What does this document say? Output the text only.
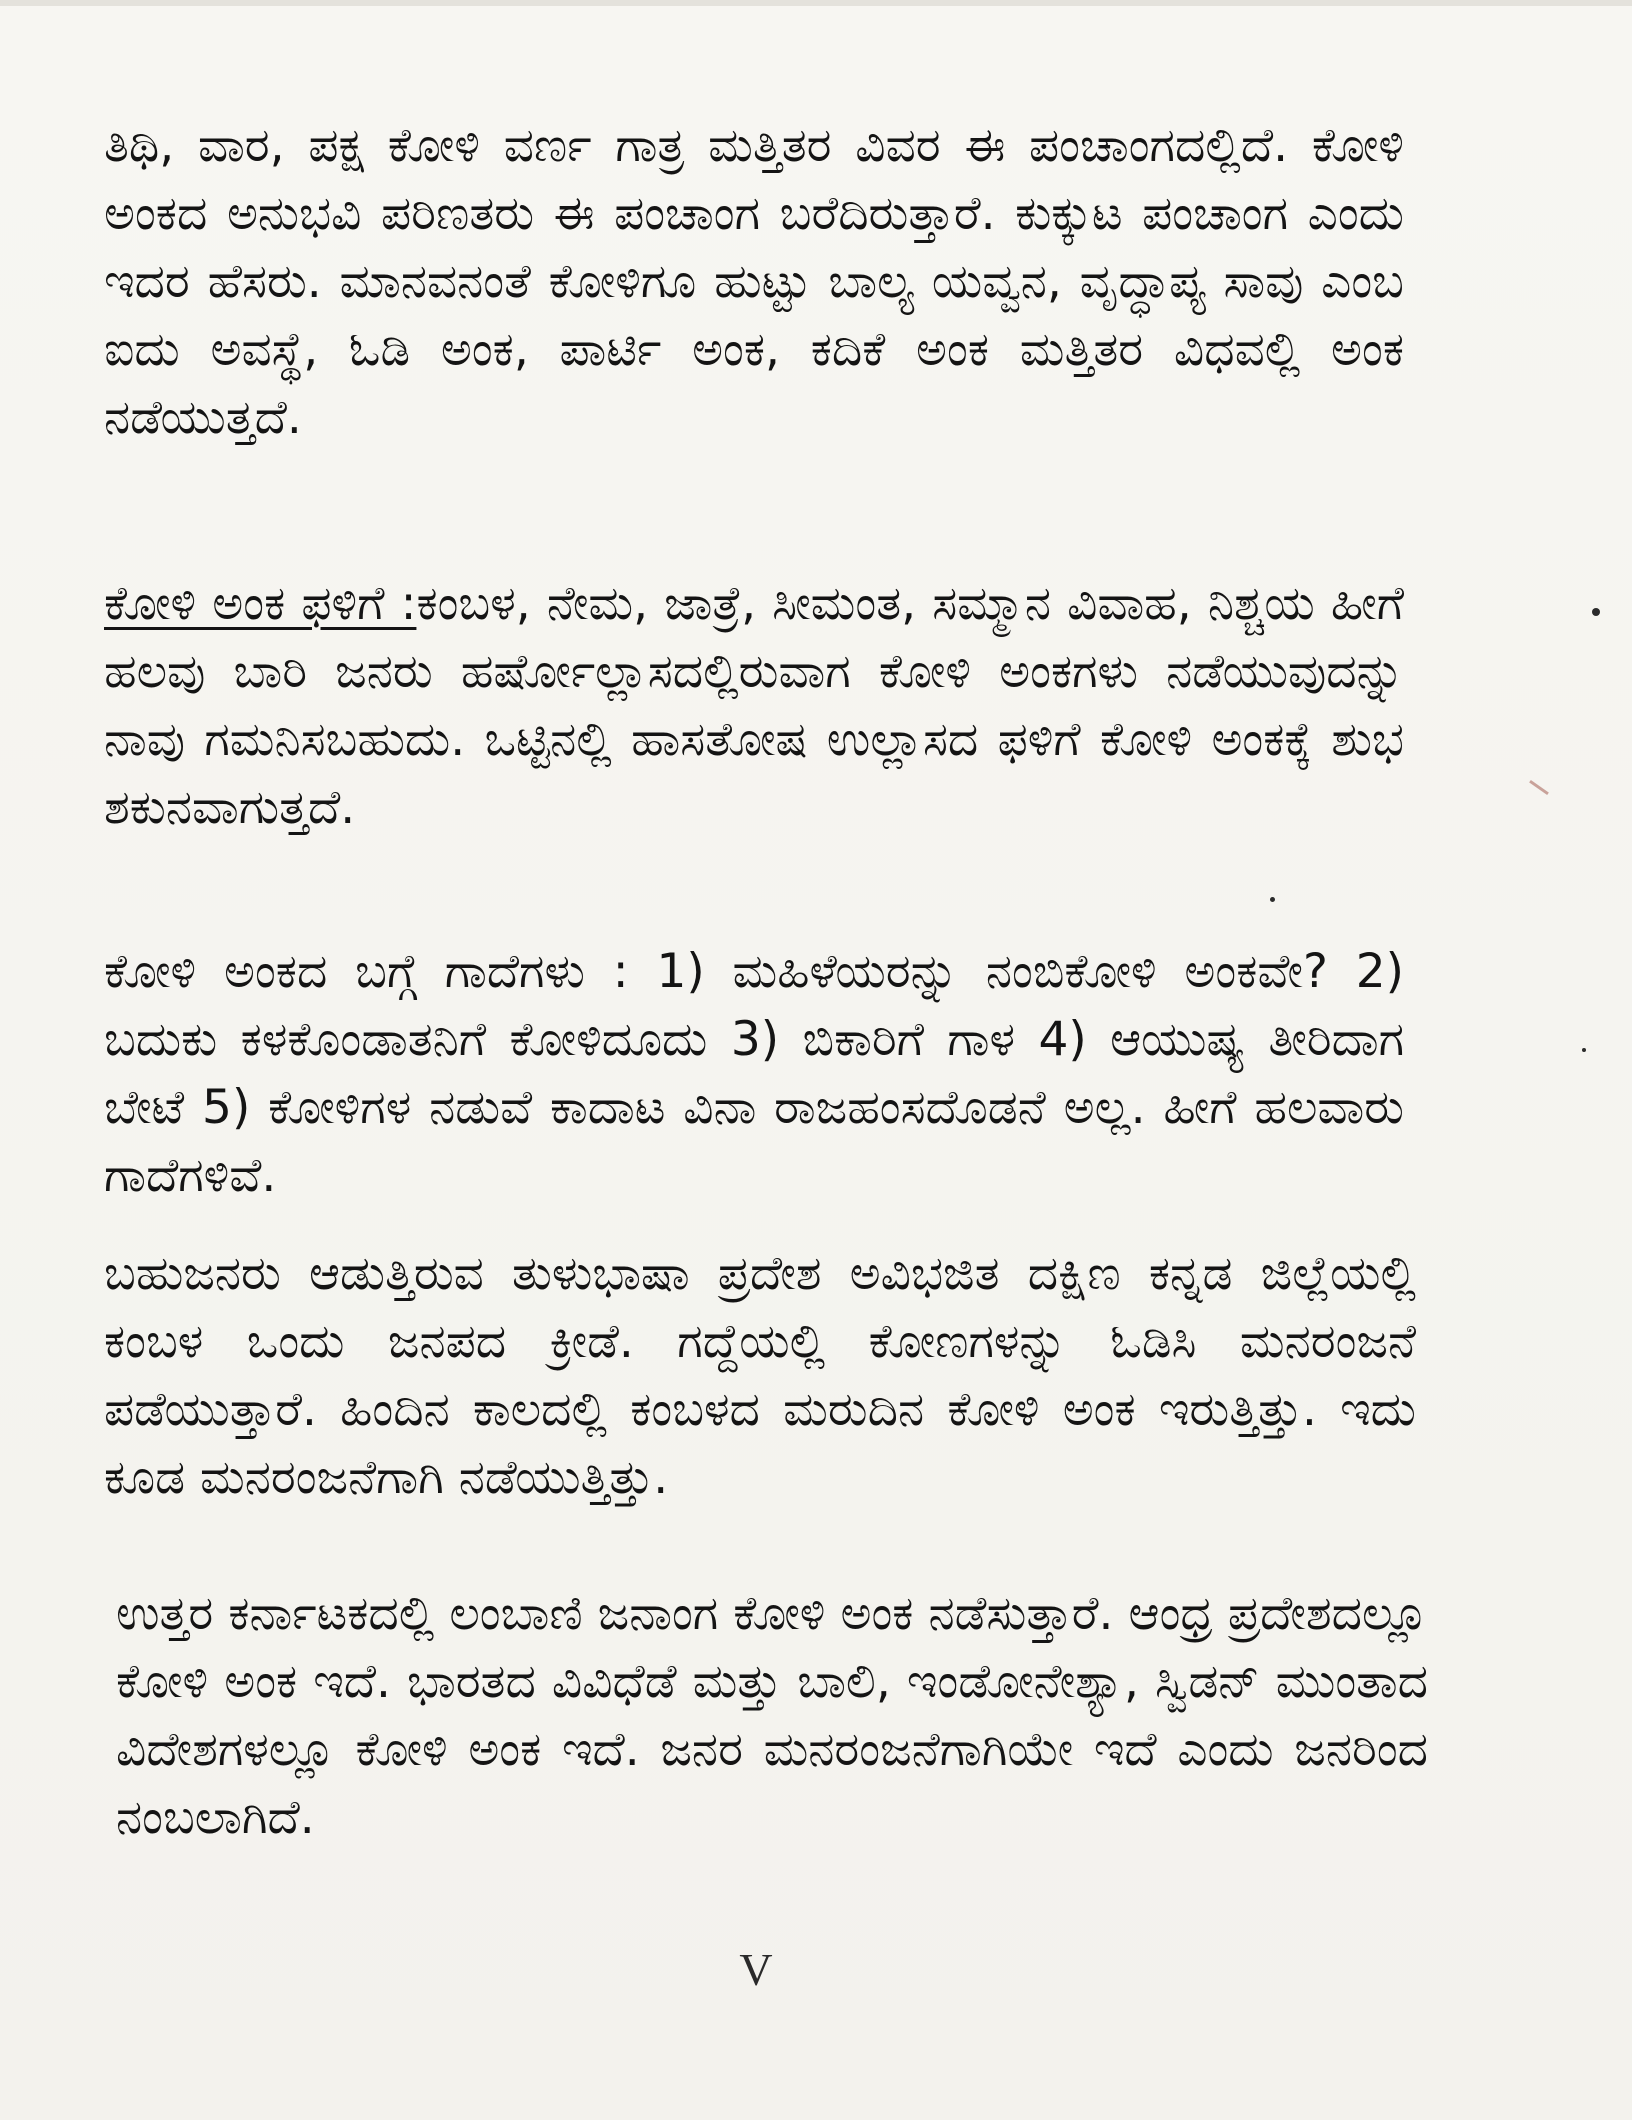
ತಿಥಿ, ವಾರ, ಪಕ್ಷ ಕೋಳಿ ವರ್ಣ ಗಾತ್ರ ಮತ್ತಿತರ ವಿವರ ಈ ಪಂಚಾಂಗದಲ್ಲಿದೆ. ಕೋಳಿ ಅಂಕದ ಅನುಭವಿ ಪರಿಣತರು ಈ ಪಂಚಾಂಗ ಬರೆದಿರುತ್ತಾರೆ. ಕುಕ್ಕುಟ ಪಂಚಾಂಗ ಎಂದು ಇದರ ಹೆಸರು. ಮಾನವನಂತೆ ಕೋಳಿಗೂ ಹುಟ್ಟು ಬಾಲ್ಯ ಯವ್ವನ, ವೃದ್ಧಾಪ್ಯ ಸಾವು ಎಂಬ ಐದು ಅವಸ್ಥೆ, ಓಡಿ ಅಂಕ, ಪಾರ್ಟಿ ಅಂಕ, ಕದಿಕೆ ಅಂಕ ಮತ್ತಿತರ ವಿಧವಲ್ಲಿ ಅಂಕ ನಡೆಯುತ್ತದೆ.

ಕೋಳಿ ಅಂಕ ಫಳಿಗೆ :ಕಂಬಳ, ನೇಮ, ಜಾತ್ರೆ, ಸೀಮಂತ, ಸಮ್ಮಾನ ವಿವಾಹ, ನಿಶ್ಚಯ ಹೀಗೆ ಹಲವು ಬಾರಿ ಜನರು ಹರ್ಷೋಲ್ಲಾಸದಲ್ಲಿರುವಾಗ ಕೋಳಿ ಅಂಕಗಳು ನಡೆಯುವುದನ್ನು ನಾವು ಗಮನಿಸಬಹುದು. ಒಟ್ಟಿನಲ್ಲಿ ಹಾಸತೋಷ ಉಲ್ಲಾಸದ ಫಳಿಗೆ ಕೋಳಿ ಅಂಕಕ್ಕೆ ಶುಭ ಶಕುನವಾಗುತ್ತದೆ.

ಕೋಳಿ ಅಂಕದ ಬಗ್ಗೆ ಗಾದೆಗಳು : 1) ಮಹಿಳೆಯರನ್ನು ನಂಬಿಕೋಳಿ ಅಂಕವೇ? 2) ಬದುಕು ಕಳಕೊಂಡಾತನಿಗೆ ಕೋಳಿದೂದು 3) ಬಿಕಾರಿಗೆ ಗಾಳ 4) ಆಯುಷ್ಯ ತೀರಿದಾಗ ಬೇಟೆ 5) ಕೋಳಿಗಳ ನಡುವೆ ಕಾದಾಟ ವಿನಾ ರಾಜಹಂಸದೊಡನೆ ಅಲ್ಲ. ಹೀಗೆ ಹಲವಾರು ಗಾದೆಗಳಿವೆ.

ಬಹುಜನರು ಆಡುತ್ತಿರುವ ತುಳುಭಾಷಾ ಪ್ರದೇಶ ಅವಿಭಜಿತ ದಕ್ಷಿಣ ಕನ್ನಡ ಜಿಲ್ಲೆಯಲ್ಲಿ ಕಂಬಳ ಒಂದು ಜನಪದ ಕ್ರೀಡೆ. ಗದ್ದೆಯಲ್ಲಿ ಕೋಣಗಳನ್ನು ಓಡಿಸಿ ಮನರಂಜನೆ ಪಡೆಯುತ್ತಾರೆ. ಹಿಂದಿನ ಕಾಲದಲ್ಲಿ ಕಂಬಳದ ಮರುದಿನ ಕೋಳಿ ಅಂಕ ಇರುತ್ತಿತ್ತು. ಇದು ಕೂಡ ಮನರಂಜನೆಗಾಗಿ ನಡೆಯುತ್ತಿತ್ತು.

ಉತ್ತರ ಕರ್ನಾಟಕದಲ್ಲಿ ಲಂಬಾಣಿ ಜನಾಂಗ ಕೋಳಿ ಅಂಕ ನಡೆಸುತ್ತಾರೆ. ಆಂಧ್ರ ಪ್ರದೇಶದಲ್ಲೂ ಕೋಳಿ ಅಂಕ ಇದೆ. ಭಾರತದ ವಿವಿಧೆಡೆ ಮತ್ತು ಬಾಲಿ, ಇಂಡೋನೇಶ್ಯಾ, ಸ್ವಿಡನ್ ಮುಂತಾದ ವಿದೇಶಗಳಲ್ಲೂ ಕೋಳಿ ಅಂಕ ಇದೆ. ಜನರ ಮನರಂಜನೆಗಾಗಿಯೇ ಇದೆ ಎಂದು ಜನರಿಂದ ನಂಬಲಾಗಿದೆ.

V
